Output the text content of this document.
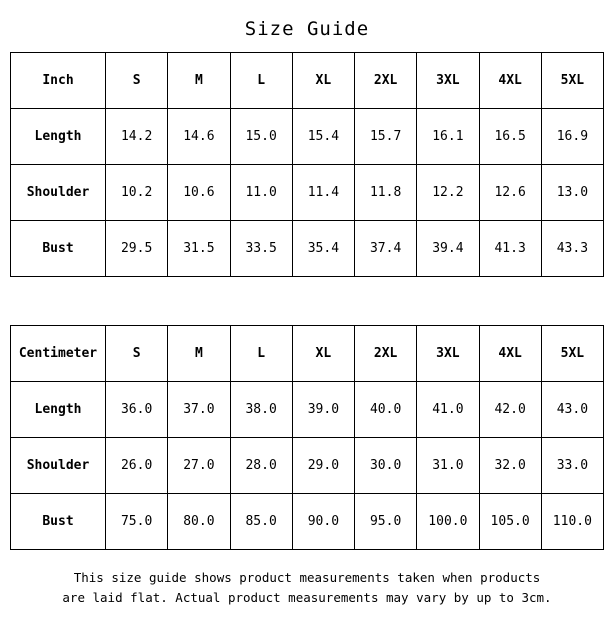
Size Guide
Inch	S	M	L	XL	2XL	3XL	4XL	5XL
Length	14.2	14.6	15.0	15.4	15.7	16.1	16.5	16.9
Shoulder	10.2	10.6	11.0	11.4	11.8	12.2	12.6	13.0
Bust	29.5	31.5	33.5	35.4	37.4	39.4	41.3	43.3
Centimeter	S	M	L	XL	2XL	3XL	4XL	5XL
Length	36.0	37.0	38.0	39.0	40.0	41.0	42.0	43.0
Shoulder	26.0	27.0	28.0	29.0	30.0	31.0	32.0	33.0
Bust	75.0	80.0	85.0	90.0	95.0	100.0	105.0	110.0
This size guide shows product measurements taken when products
are laid flat. Actual product measurements may vary by up to 3cm.
